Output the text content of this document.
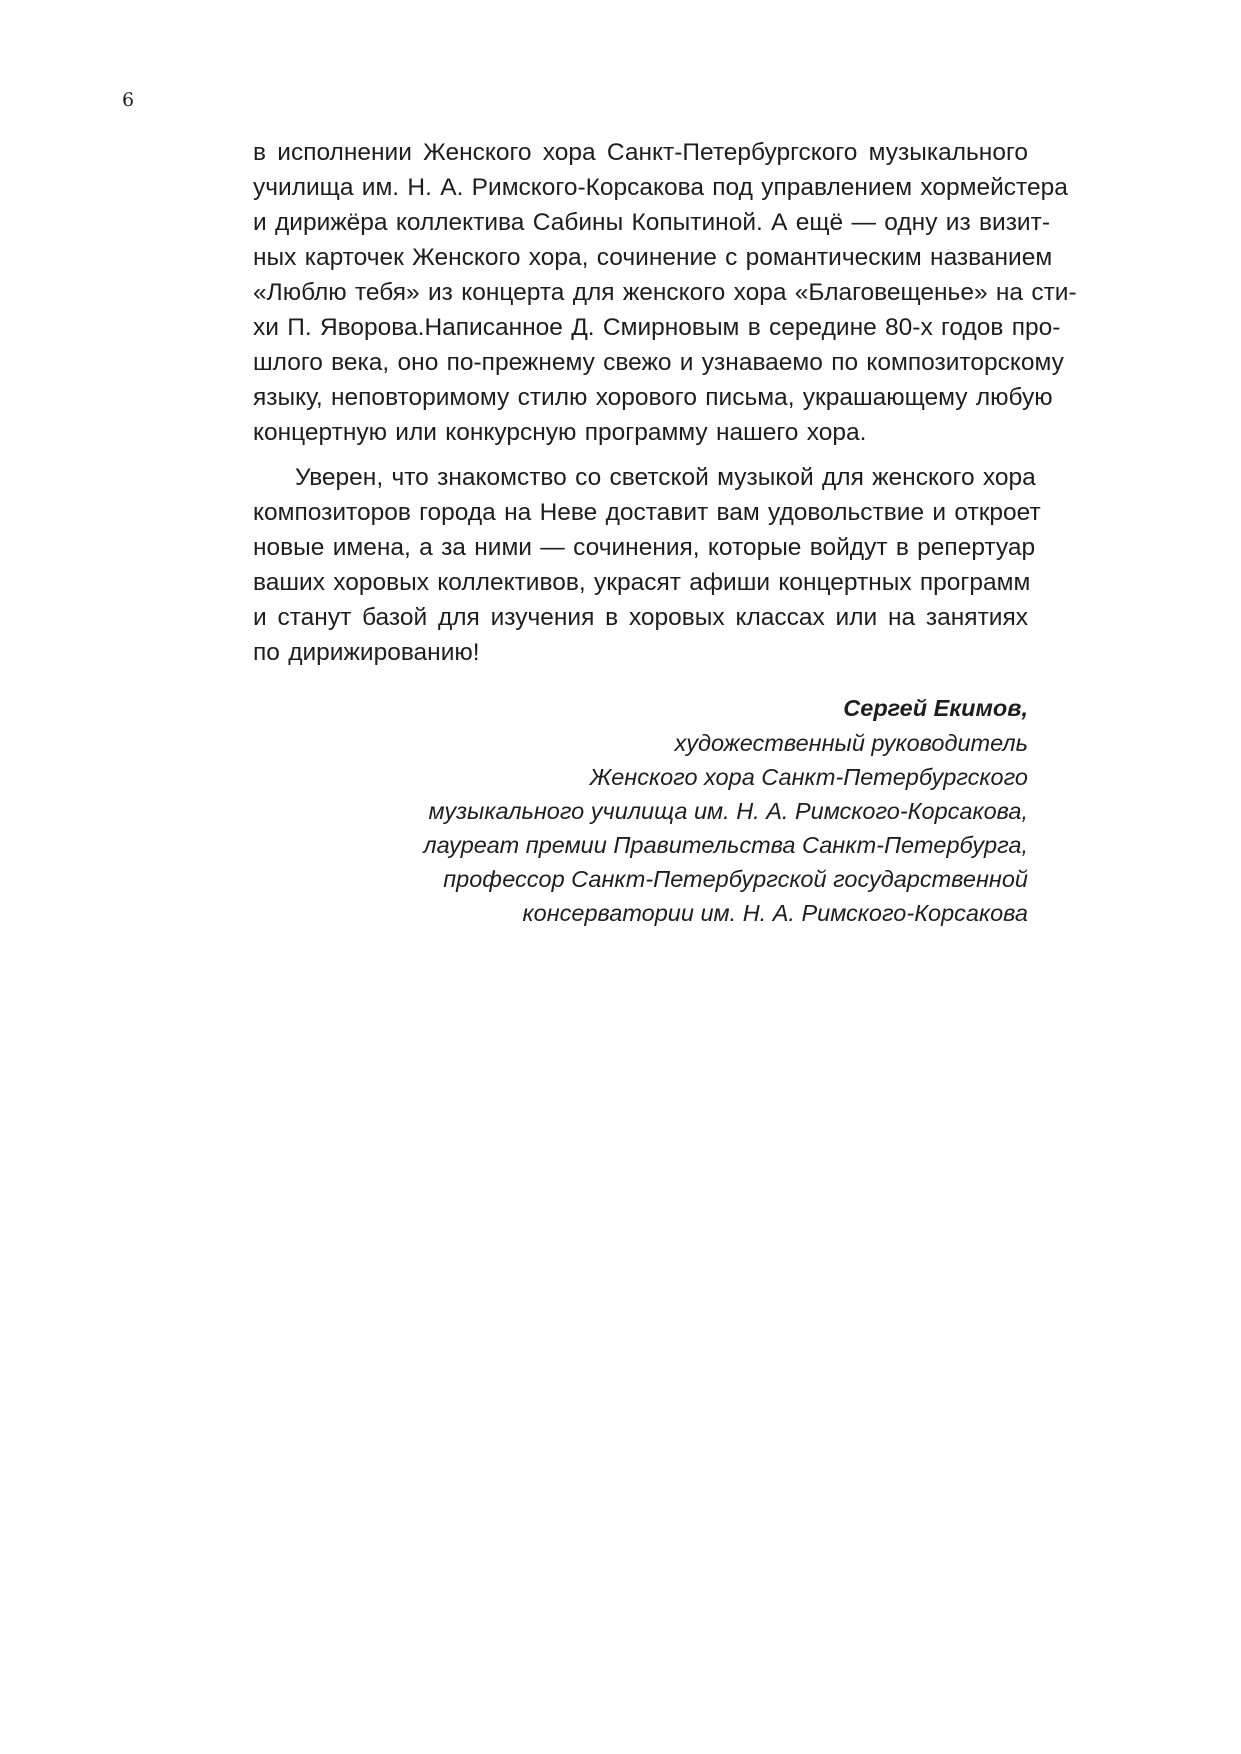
6

в исполнении Женского хора Санкт-Петербургского музыкального
училища им. Н. А. Римского-Корсакова под управлением хормейстера
и дирижёра коллектива Сабины Копытиной. А ещё — одну из визит-
ных карточек Женского хора, сочинение с романтическим названием
«Люблю тебя» из концерта для женского хора «Благовещенье» на сти-
хи П. Яворова.Написанное Д. Смирновым в середине 80-х годов про-
шлого века, оно по-прежнему свежо и узнаваемо по композиторскому
языку, неповторимому стилю хорового письма, украшающему любую
концертную или конкурсную программу нашего хора.

Уверен, что знакомство со светской музыкой для женского хора
композиторов города на Неве доставит вам удовольствие и откроет
новые имена, а за ними — сочинения, которые войдут в репертуар
ваших хоровых коллективов, украсят афиши концертных программ
и станут базой для изучения в хоровых классах или на занятиях
по дирижированию!

Сергей Екимов,
художественный руководитель
Женского хора Санкт-Петербургского
музыкального училища им. Н. А. Римского-Корсакова,
лауреат премии Правительства Санкт-Петербурга,
профессор Санкт-Петербургской государственной
консерватории им. Н. А. Римского-Корсакова
